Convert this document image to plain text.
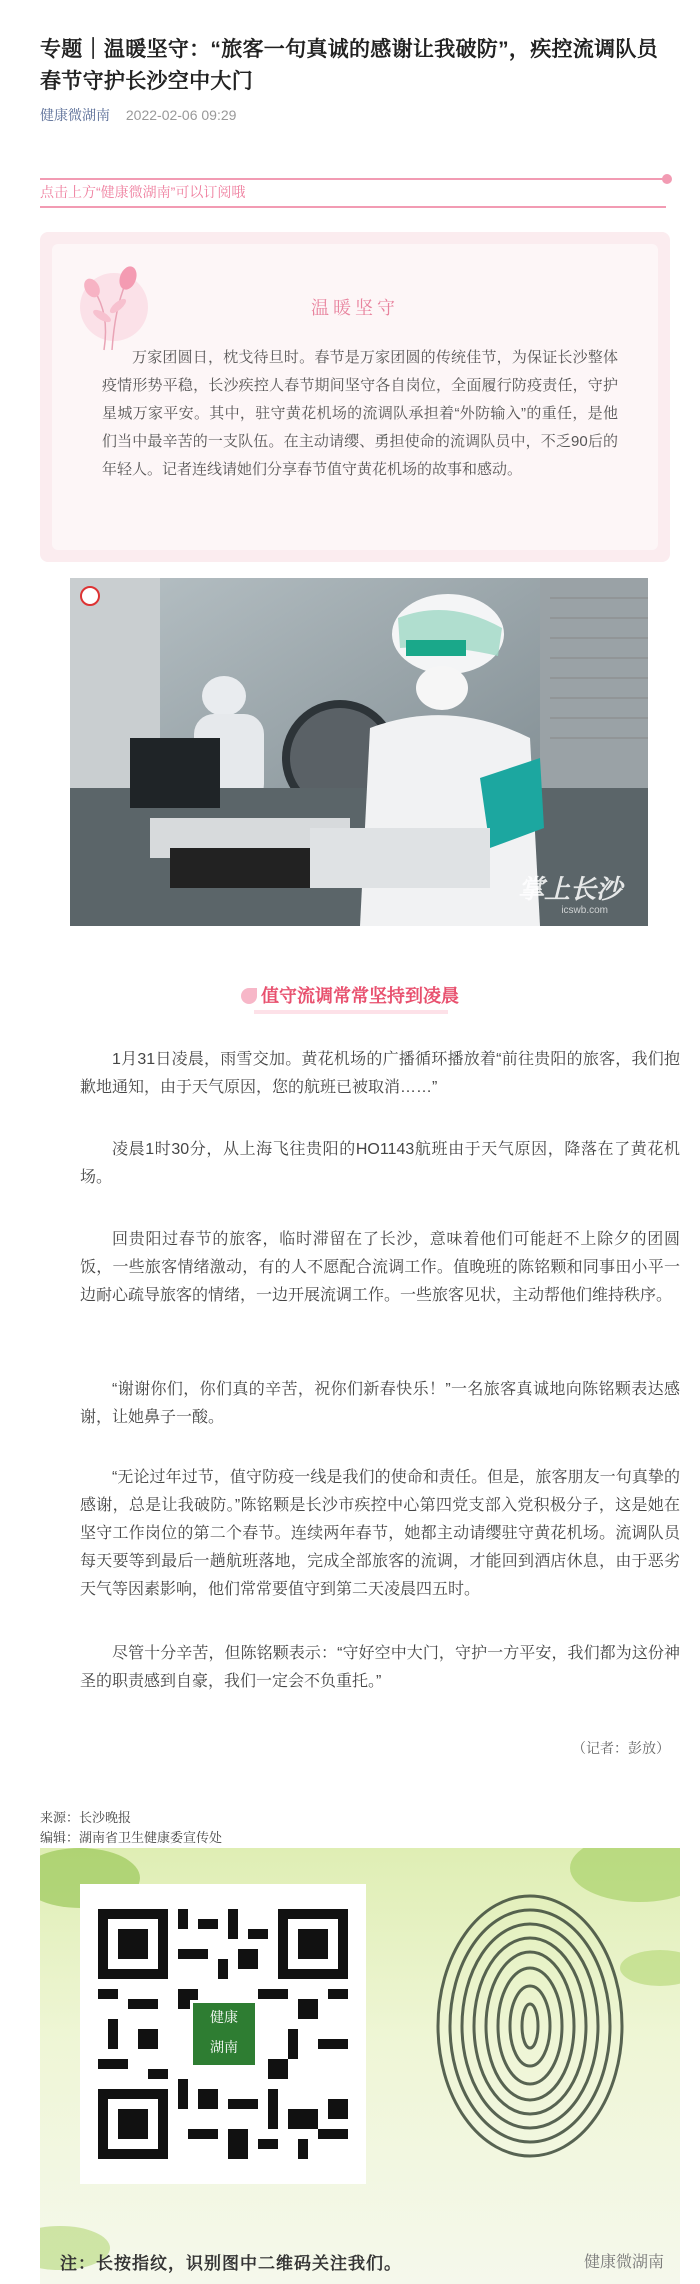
专题｜温暖坚守：“旅客一句真诚的感谢让我破防”，疾控流调队员春节守护长沙空中大门
健康微湖南 2022-02-06 09:29
点击上方“健康微湖南”可以订阅哦
温暖坚守

万家团圆日，枕戈待旦时。春节是万家团圆的传统佳节，为保证长沙整体疫情形势平稳，长沙疾控人春节期间坚守各自岗位，全面履行防疫责任，守护星城万家平安。其中，驻守黄花机场的流调队承担着“外防输入”的重任，是他们当中最辛苦的一支队伍。在主动请缨、勇担使命的流调队员中，不乏90后的年轻人。记者连线请她们分享春节值守黄花机场的故事和感动。

掌上长沙
icswb.com
值守流调常常坚持到凌晨

1月31日凌晨，雨雪交加。黄花机场的广播循环播放着“前往贵阳的旅客，我们抱歉地通知，由于天气原因，您的航班已被取消……”

凌晨1时30分，从上海飞往贵阳的HO1143航班由于天气原因，降落在了黄花机场。

回贵阳过春节的旅客，临时滞留在了长沙，意味着他们可能赶不上除夕的团圆饭，一些旅客情绪激动，有的人不愿配合流调工作。值晚班的陈铭颗和同事田小平一边耐心疏导旅客的情绪，一边开展流调工作。一些旅客见状，主动帮他们维持秩序。

“谢谢你们，你们真的辛苦，祝你们新春快乐！”一名旅客真诚地向陈铭颗表达感谢，让她鼻子一酸。

“无论过年过节，值守防疫一线是我们的使命和责任。但是，旅客朋友一句真挚的感谢，总是让我破防。”陈铭颗是长沙市疾控中心第四党支部入党积极分子，这是她在坚守工作岗位的第二个春节。连续两年春节，她都主动请缨驻守黄花机场。流调队员每天要等到最后一趟航班落地，完成全部旅客的流调，才能回到酒店休息，由于恶劣天气等因素影响，他们常常要值守到第二天凌晨四五时。

尽管十分辛苦，但陈铭颗表示：“守好空中大门，守护一方平安，我们都为这份神圣的职责感到自豪，我们一定会不负重托。”

（记者：彭放）
来源：长沙晚报
编辑：湖南省卫生健康委宣传处
健康
湖南
注：长按指纹，识别图中二维码关注我们。	健康微湖南
